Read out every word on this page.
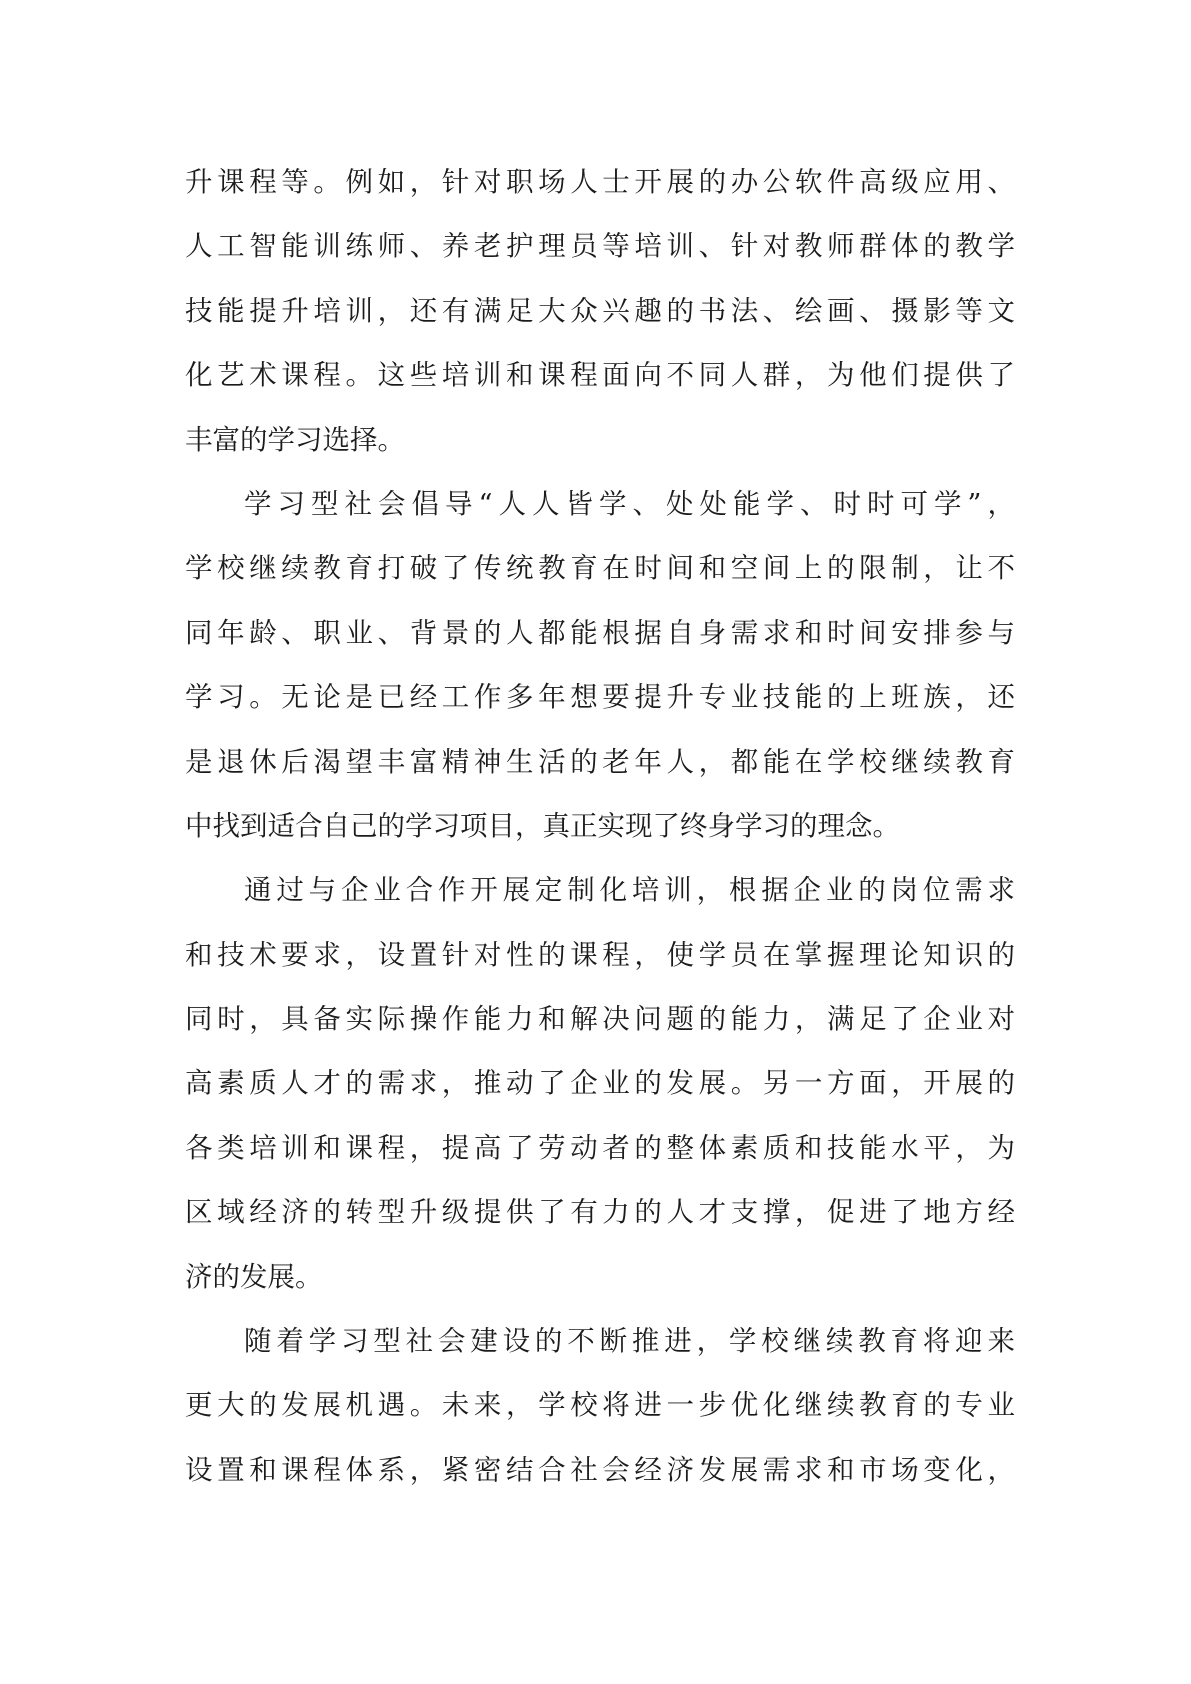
升课程等。例如，针对职场人士开展的办公软件高级应用、
人工智能训练师、养老护理员等培训、针对教师群体的教学
技能提升培训，还有满足大众兴趣的书法、绘画、摄影等文
化艺术课程。这些培训和课程面向不同人群，为他们提供了
丰富的学习选择。
学习型社会倡导“人人皆学、处处能学、时时可学”，
学校继续教育打破了传统教育在时间和空间上的限制，让不
同年龄、职业、背景的人都能根据自身需求和时间安排参与
学习。无论是已经工作多年想要提升专业技能的上班族，还
是退休后渴望丰富精神生活的老年人，都能在学校继续教育
中找到适合自己的学习项目，真正实现了终身学习的理念。
通过与企业合作开展定制化培训，根据企业的岗位需求
和技术要求，设置针对性的课程，使学员在掌握理论知识的
同时，具备实际操作能力和解决问题的能力，满足了企业对
高素质人才的需求，推动了企业的发展。另一方面，开展的
各类培训和课程，提高了劳动者的整体素质和技能水平，为
区域经济的转型升级提供了有力的人才支撑，促进了地方经
济的发展。
随着学习型社会建设的不断推进，学校继续教育将迎来
更大的发展机遇。未来，学校将进一步优化继续教育的专业
设置和课程体系，紧密结合社会经济发展需求和市场变化，
